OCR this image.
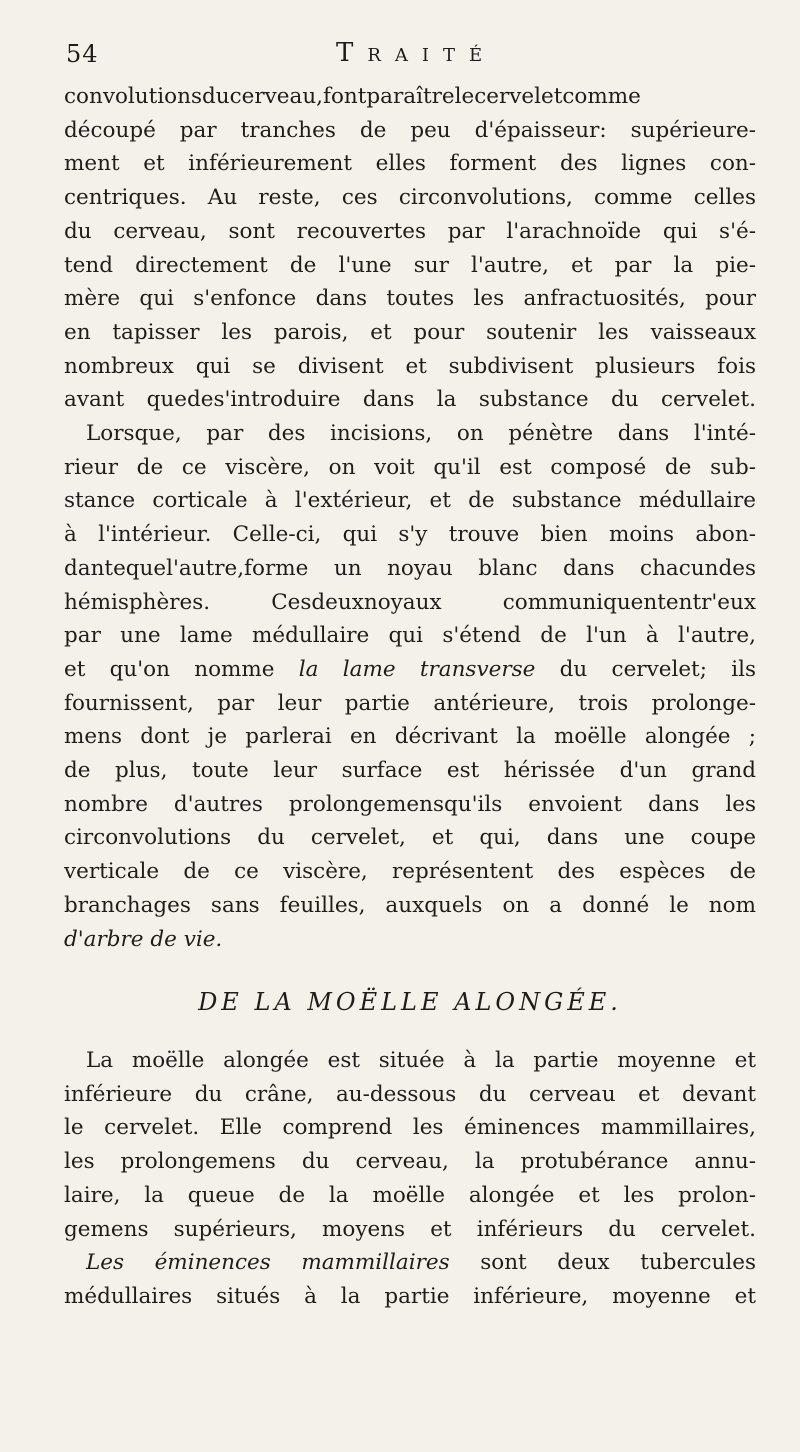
54	Traité
convolutionsducerveau,fontparaîtrelecerveletcomme
découpé par tranches de peu d'épaisseur: supérieure-
ment et inférieurement elles forment des lignes con-
centriques. Au reste, ces circonvolutions, comme celles
du cerveau, sont recouvertes par l'arachnoïde qui s'é-
tend directement de l'une sur l'autre, et par la pie-
mère qui s'enfonce dans toutes les anfractuosités, pour
en tapisser les parois, et pour soutenir les vaisseaux
nombreux qui se divisent et subdivisent plusieurs fois
avant quedes'introduire dans la substance du cervelet.
Lorsque, par des incisions, on pénètre dans l'inté-
rieur de ce viscère, on voit qu'il est composé de sub-
stance corticale à l'extérieur, et de substance médullaire
à l'intérieur. Celle-ci, qui s'y trouve bien moins abon-
dantequel'autre,forme un noyau blanc dans chacundes
hémisphères. Cesdeuxnoyaux communiquententr'eux
par une lame médullaire qui s'étend de l'un à l'autre,
et qu'on nomme la lame transverse du cervelet; ils
fournissent, par leur partie antérieure, trois prolonge-
mens dont je parlerai en décrivant la moëlle alongée ;
de plus, toute leur surface est hérissée d'un grand
nombre d'autres prolongemensqu'ils envoient dans les
circonvolutions du cervelet, et qui, dans une coupe
verticale de ce viscère, représentent des espèces de
branchages sans feuilles, auxquels on a donné le nom
d'arbre de vie.
DE LA MOËLLE ALONGÉE.
La moëlle alongée est située à la partie moyenne et
inférieure du crâne, au-dessous du cerveau et devant
le cervelet. Elle comprend les éminences mammillaires,
les prolongemens du cerveau, la protubérance annu-
laire, la queue de la moëlle alongée et les prolon-
gemens supérieurs, moyens et inférieurs du cervelet.
Les éminences mammillaires sont deux tubercules
médullaires situés à la partie inférieure, moyenne et
